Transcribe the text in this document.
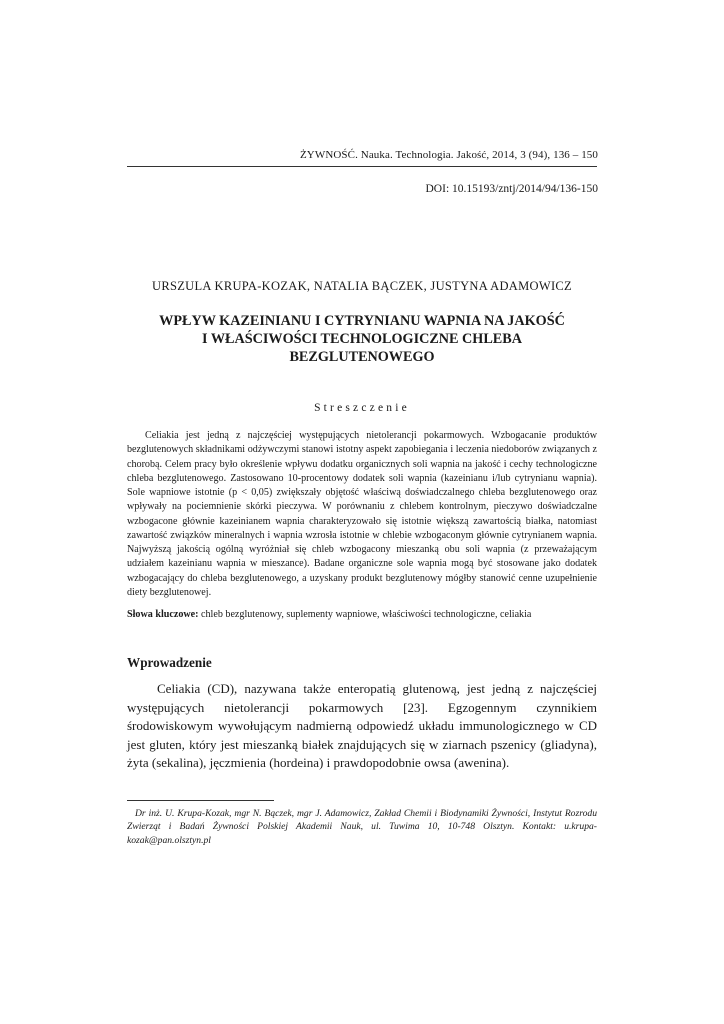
ŻYWNOŚĆ. Nauka. Technologia. Jakość, 2014, 3 (94), 136 – 150
DOI: 10.15193/zntj/2014/94/136-150
URSZULA KRUPA-KOZAK, NATALIA BĄCZEK, JUSTYNA ADAMOWICZ
WPŁYW KAZEINIANU I CYTRYNIANU WAPNIA NA JAKOŚĆ
I WŁAŚCIWOŚCI TECHNOLOGICZNE CHLEBA
BEZGLUTENOWEGO
Streszczenie

Celiakia jest jedną z najczęściej występujących nietolerancji pokarmowych. Wzbogacanie produktów bezglutenowych składnikami odżywczymi stanowi istotny aspekt zapobiegania i leczenia niedoborów związanych z chorobą. Celem pracy było określenie wpływu dodatku organicznych soli wapnia na jakość i cechy technologiczne chleba bezglutenowego. Zastosowano 10-procentowy dodatek soli wapnia (kazeinianu i/lub cytrynianu wapnia). Sole wapniowe istotnie (p < 0,05) zwiększały objętość właściwą doświadczalnego chleba bezglutenowego oraz wpływały na pociemnienie skórki pieczywa. W porównaniu z chlebem kontrolnym, pieczywo doświadczalne wzbogacone głównie kazeinianem wapnia charakteryzowało się istotnie większą zawartością białka, natomiast zawartość związków mineralnych i wapnia wzrosła istotnie w chlebie wzbogaconym głównie cytrynianem wapnia. Najwyższą jakością ogólną wyróżniał się chleb wzbogacony mieszanką obu soli wapnia (z przeważającym udziałem kazeinianu wapnia w mieszance). Badane organiczne sole wapnia mogą być stosowane jako dodatek wzbogacający do chleba bezglutenowego, a uzyskany produkt bezglutenowy mógłby stanowić cenne uzupełnienie diety bezglutenowej.

Słowa kluczowe: chleb bezglutenowy, suplementy wapniowe, właściwości technologiczne, celiakia
Wprowadzenie

Celiakia (CD), nazywana także enteropatią glutenową, jest jedną z najczęściej występujących nietolerancji pokarmowych [23]. Egzogennym czynnikiem środowiskowym wywołującym nadmierną odpowiedź układu immunologicznego w CD jest gluten, który jest mieszanką białek znajdujących się w ziarnach pszenicy (gliadyna), żyta (sekalina), jęczmienia (hordeina) i prawdopodobnie owsa (awenina).

Dr inż. U. Krupa-Kozak, mgr N. Bączek, mgr J. Adamowicz, Zakład Chemii i Biodynamiki Żywności, Instytut Rozrodu Zwierząt i Badań Żywności Polskiej Akademii Nauk, ul. Tuwima 10, 10-748 Olsztyn. Kontakt: u.krupa-kozak@pan.olsztyn.pl
